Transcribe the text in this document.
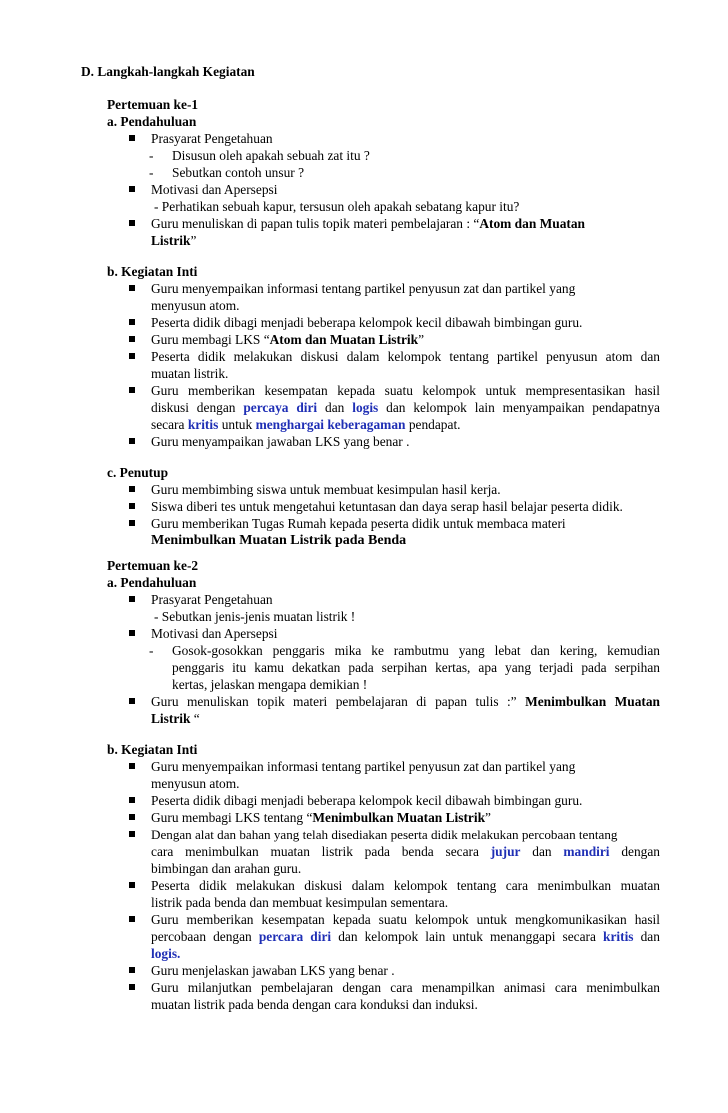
D. Langkah-langkah Kegiatan
Pertemuan ke-1
a. Pendahuluan
Prasyarat Pengetahuan
- Disusun oleh apakah sebuah zat itu ?
- Sebutkan contoh unsur ?
Motivasi dan Apersepsi
- Perhatikan sebuah kapur, tersusun oleh apakah sebatang kapur itu?
Guru menuliskan di papan tulis topik materi pembelajaran : “Atom dan Muatan
Listrik”
b. Kegiatan Inti
Guru menyempaikan informasi tentang partikel penyusun zat dan partikel yang
menyusun atom.
Peserta didik dibagi menjadi beberapa kelompok kecil dibawah bimbingan guru.
Guru membagi LKS “Atom dan Muatan Listrik”
Peserta didik melakukan diskusi dalam kelompok tentang partikel penyusun atom dan
muatan listrik.
Guru memberikan kesempatan kepada suatu kelompok untuk mempresentasikan hasil
diskusi dengan percaya diri dan logis dan kelompok lain menyampaikan pendapatnya
secara kritis untuk menghargai keberagaman pendapat.
Guru menyampaikan jawaban LKS yang benar .
c. Penutup
Guru membimbing siswa untuk membuat kesimpulan hasil kerja.
Siswa diberi tes untuk mengetahui ketuntasan dan daya serap hasil belajar peserta didik.
Guru memberikan Tugas Rumah kepada peserta didik untuk membaca materi
Menimbulkan Muatan Listrik pada Benda
Pertemuan ke-2
a. Pendahuluan
Prasyarat Pengetahuan
- Sebutkan jenis-jenis muatan listrik !
Motivasi dan Apersepsi
- Gosok-gosokkan penggaris mika ke rambutmu yang lebat dan kering, kemudian
penggaris itu kamu dekatkan pada serpihan kertas, apa yang terjadi pada serpihan
kertas, jelaskan mengapa demikian !
Guru menuliskan topik materi pembelajaran di papan tulis :” Menimbulkan Muatan
Listrik “
b. Kegiatan Inti
Guru menyempaikan informasi tentang partikel penyusun zat dan partikel yang
menyusun atom.
Peserta didik dibagi menjadi beberapa kelompok kecil dibawah bimbingan guru.
Guru membagi LKS tentang “Menimbulkan Muatan Listrik”
Dengan alat dan bahan yang telah disediakan peserta didik melakukan percobaan tentang
cara menimbulkan muatan listrik pada benda secara jujur dan mandiri dengan
bimbingan dan arahan guru.
Peserta didik melakukan diskusi dalam kelompok tentang cara menimbulkan muatan
listrik pada benda dan membuat kesimpulan sementara.
Guru memberikan kesempatan kepada suatu kelompok untuk mengkomunikasikan hasil
percobaan dengan percara diri dan kelompok lain untuk menanggapi secara kritis dan
logis.
Guru menjelaskan jawaban LKS yang benar .
Guru milanjutkan pembelajaran dengan cara menampilkan animasi cara menimbulkan
muatan listrik pada benda dengan cara konduksi dan induksi.
